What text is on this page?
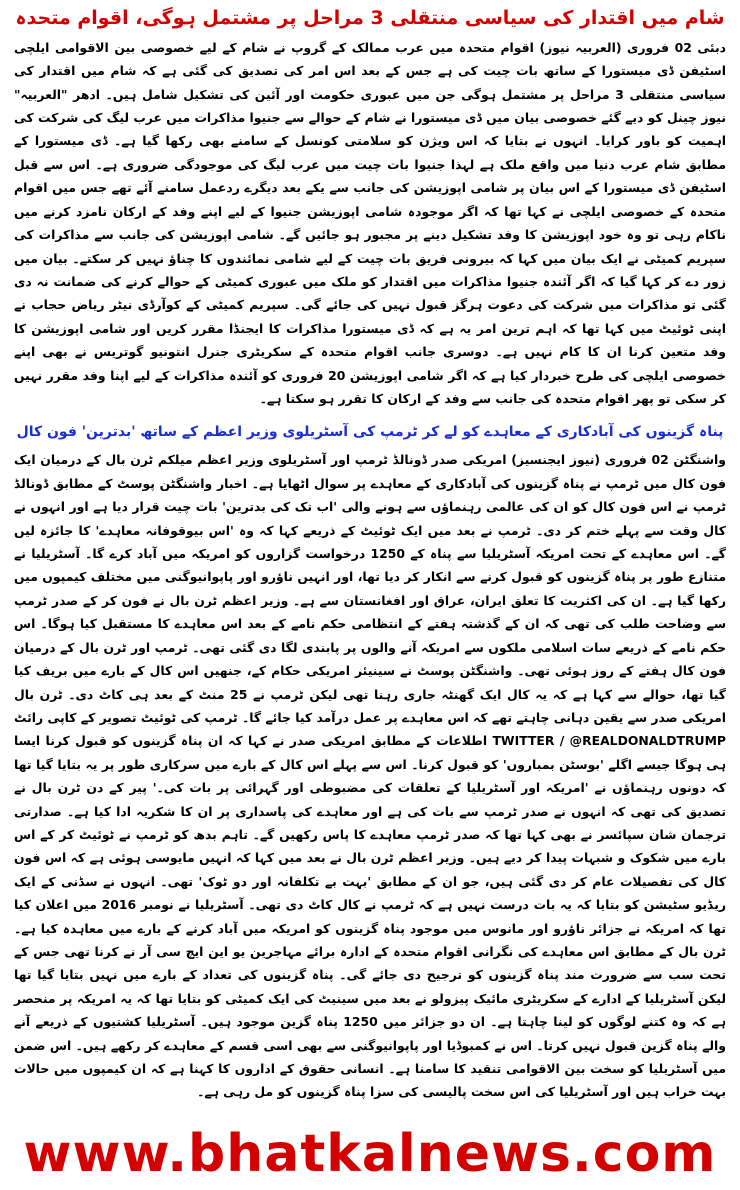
شام میں اقتدار کی سیاسی منتقلی 3 مراحل پر مشتمل ہوگی، اقوام متحدہ

دبئی 02 فروری (العربیہ نیوز) اقوام متحدہ میں عرب ممالک کے گروپ نے شام کے لیے خصوصی بین الاقوامی ایلچی اسٹیفن ڈی میستورا کے ساتھ بات چیت کی ہے جس کے بعد اس امر کی تصدیق کی گئی ہے کہ شام میں اقتدار کی سیاسی منتقلی 3 مراحل پر مشتمل ہوگی جن میں عبوری حکومت اور آئین کی تشکیل شامل ہیں۔ ادھر "العربیہ" نیوز چینل کو دیے گئے خصوصی بیان میں ڈی میستورا نے شام کے حوالے سے جنیوا مذاکرات میں عرب لیگ کی شرکت کی اہمیت کو باور کرایا۔ انہوں نے بتایا کہ اس ویژن کو سلامتی کونسل کے سامنے بھی رکھا گیا ہے۔ ڈی میستورا کے مطابق شام عرب دنیا میں واقع ملک ہے لہذا جنیوا بات چیت میں عرب لیگ کی موجودگی ضروری ہے۔ اس سے قبل اسٹیفن ڈی میستورا کے اس بیان پر شامی اپوزیشن کی جانب سے یکے بعد دیگرے ردعمل سامنے آئے تھے جس میں اقوام متحدہ کے خصوصی ایلچی نے کہا تھا کہ اگر موجودہ شامی اپوزیشن جنیوا کے لیے اپنے وفد کے ارکان نامزد کرنے میں ناکام رہی تو وہ خود اپوزیشن کا وفد تشکیل دینے پر مجبور ہو جائیں گے۔ شامی اپوزیشن کی جانب سے مذاکرات کی سپریم کمیٹی نے ایک بیان میں کہا کہ بیرونی فریق بات چیت کے لیے شامی نمائندوں کا چناؤ نہیں کر سکتے۔ بیان میں زور دے کر کہا گیا کہ اگر آئندہ جنیوا مذاکرات میں اقتدار کو ملک میں عبوری کمیٹی کے حوالے کرنے کی ضمانت نہ دی گئی تو مذاکرات میں شرکت کی دعوت ہرگز قبول نہیں کی جائے گی۔ سپریم کمیٹی کے کوآرڈی نیٹر ریاض حجاب نے اپنی ٹوئیٹ میں کہا تھا کہ اہم ترین امر یہ ہے کہ ڈی میستورا مذاکرات کا ایجنڈا مقرر کریں اور شامی اپوزیشن کا وفد متعین کرنا ان کا کام نہیں ہے۔ دوسری جانب اقوام متحدہ کے سکریٹری جنرل انتونیو گوتریس نے بھی اپنے خصوصی ایلچی کی طرح خبردار کیا ہے کہ اگر شامی اپوزیشن 20 فروری کو آئندہ مذاکرات کے لیے اپنا وفد مقرر نہیں کر سکی تو پھر اقوام متحدہ کی جانب سے وفد کے ارکان کا تقرر ہو سکتا ہے۔

پناہ گزینوں کی آبادکاری کے معاہدے کو لے کر ٹرمپ کی آسٹریلوی وزیر اعظم کے ساتھ 'بدترین' فون کال

واشنگٹن 02 فروری (نیوز ایجنسیز) امریکی صدر ڈونالڈ ٹرمپ اور آسٹریلوی وزیر اعظم میلکم ٹرن بال کے درمیان ایک فون کال میں ٹرمپ نے پناہ گزینوں کی آبادکاری کے معاہدے پر سوال اٹھایا ہے۔ اخبار واشنگٹن پوسٹ کے مطابق ڈونالڈ ٹرمپ نے اس فون کال کو ان کی عالمی رہنماؤں سے ہونے والی 'اب تک کی بدترین' بات چیت قرار دیا ہے اور انہوں نے کال وقت سے پہلے ختم کر دی۔ ٹرمپ نے بعد میں ایک ٹوئیٹ کے ذریعے کہا کہ وہ 'اس بیوقوفانہ معاہدے' کا جائزہ لیں گے۔ اس معاہدے کے تحت امریکہ آسٹریلیا سے پناہ کے 1250 درخواست گزاروں کو امریکہ میں آباد کرے گا۔ آسٹریلیا نے متنازع طور پر پناہ گزینوں کو قبول کرنے سے انکار کر دیا تھا، اور انہیں ناؤرو اور پاپوانیوگنی میں مختلف کیمپوں میں رکھا گیا ہے۔ ان کی اکثریت کا تعلق ایران، عراق اور افغانستان سے ہے۔ وزیر اعظم ٹرن بال نے فون کر کے صدر ٹرمپ سے وضاحت طلب کی تھی کہ ان کے گذشتہ ہفتے کے انتظامی حکم نامے کے بعد اس معاہدے کا مستقبل کیا ہوگا۔ اس حکم نامے کے ذریعے سات اسلامی ملکوں سے امریکہ آنے والوں پر پابندی لگا دی گئی تھی۔ ٹرمپ اور ٹرن بال کے درمیان فون کال ہفتے کے روز ہوئی تھی۔ واشنگٹن پوسٹ نے سینیئر امریکی حکام کے، جنھیں اس کال کے بارے میں بریف کیا گیا تھا، حوالے سے کہا ہے کہ یہ کال ایک گھنٹہ جاری رہنا تھی لیکن ٹرمپ نے 25 منٹ کے بعد ہی کاٹ دی۔ ٹرن بال امریکی صدر سے یقین دہانی چاہتے تھے کہ اس معاہدے پر عمل درآمد کیا جائے گا۔ ٹرمپ کی ٹوئیٹ تصویر کے کاپی رائٹ TWITTER / @REALDONALDTRUMP اطلاعات کے مطابق امریکی صدر نے کہا کہ ان پناہ گزینوں کو قبول کرنا ایسا ہی ہوگا جیسے اگلے 'بوسٹن بمباروں' کو قبول کرنا۔ اس سے پہلے اس کال کے بارے میں سرکاری طور پر یہ بتایا گیا تھا کہ دونوں رہنماؤں نے 'امریکہ اور آسٹریلیا کے تعلقات کی مضبوطی اور گہرائی پر بات کی۔' پیر کے دن ٹرن بال نے تصدیق کی تھی کہ انہوں نے صدر ٹرمپ سے بات کی ہے اور معاہدے کی پاسداری پر ان کا شکریہ ادا کیا ہے۔ صدارتی ترجمان شان سپائسر نے بھی کہا تھا کہ صدر ٹرمپ معاہدے کا پاس رکھیں گے۔ تاہم بدھ کو ٹرمپ نے ٹوئیٹ کر کے اس بارے میں شکوک و شبہات پیدا کر دیے ہیں۔ وزیر اعظم ٹرن بال نے بعد میں کہا کہ انہیں مایوسی ہوئی ہے کہ اس فون کال کی تفصیلات عام کر دی گئی ہیں، جو ان کے مطابق 'بہت بے تکلفانہ اور دو ٹوک' تھی۔ انہوں نے سڈنی کے ایک ریڈیو سٹیشن کو بتایا کہ یہ بات درست نہیں ہے کہ ٹرمپ نے کال کاٹ دی تھی۔ آسٹریلیا نے نومبر 2016 میں اعلان کیا تھا کہ امریکہ نے جزائر ناؤرو اور مانوس میں موجود پناہ گزینوں کو امریکہ میں آباد کرنے کے بارے میں معاہدہ کیا ہے۔ ٹرن بال کے مطابق اس معاہدے کی نگرانی اقوام متحدہ کے ادارہ برائے مہاجرین یو این ایچ سی آر نے کرنا تھی جس کے تحت سب سے ضرورت مند پناہ گزینوں کو ترجیح دی جائے گی۔ پناہ گزینوں کی تعداد کے بارے میں نہیں بتایا گیا تھا لیکن آسٹریلیا کے ادارے کے سکریٹری مائیک پیزولو نے بعد میں سینیٹ کی ایک کمیٹی کو بتایا تھا کہ یہ امریکہ پر منحصر ہے کہ وہ کتنے لوگوں کو لینا چاہتا ہے۔ ان دو جزائر میں 1250 پناہ گزین موجود ہیں۔ آسٹریلیا کشتیوں کے ذریعے آنے والے پناہ گزین قبول نہیں کرتا۔ اس نے کمبوڈیا اور پاپوانیوگنی سے بھی اسی قسم کے معاہدے کر رکھے ہیں۔ اس ضمن میں آسٹریلیا کو سخت بین الاقوامی تنقید کا سامنا ہے۔ انسانی حقوق کے اداروں کا کہنا ہے کہ ان کیمپوں میں حالات بہت خراب ہیں اور آسٹریلیا کی اس سخت پالیسی کی سزا پناہ گزینوں کو مل رہی ہے۔

www.bhatkalnews.com
